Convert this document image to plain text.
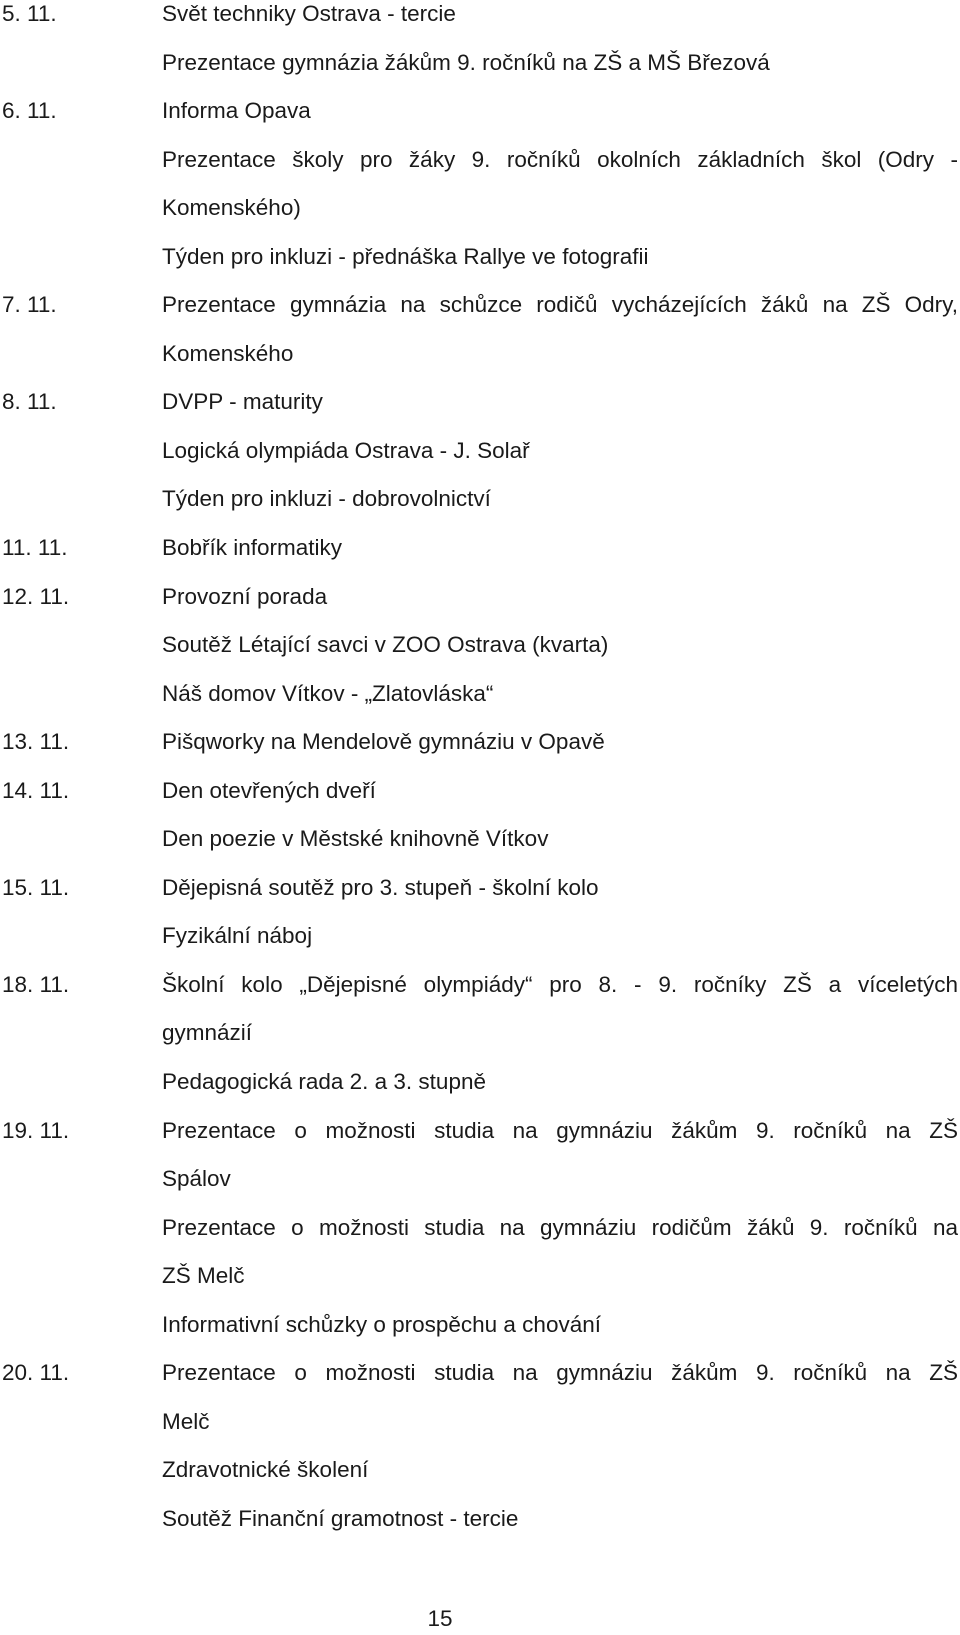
5. 11.	Svět techniky Ostrava - tercie
Prezentace gymnázia žákům 9. ročníků na ZŠ a MŠ Březová
6. 11.	Informa Opava
Prezentace školy pro žáky 9. ročníků okolních základních škol (Odry -
Komenského)
Týden pro inkluzi - přednáška Rallye ve fotografii
7. 11.	Prezentace gymnázia na schůzce rodičů vycházejících žáků na ZŠ Odry,
Komenského
8. 11.	DVPP - maturity
Logická olympiáda Ostrava - J. Solař
Týden pro inkluzi - dobrovolnictví
11. 11.	Bobřík informatiky
12. 11.	Provozní porada
Soutěž Létající savci v ZOO Ostrava (kvarta)
Náš domov Vítkov - „Zlatovláska“
13. 11.	Pišqworky na Mendelově gymnáziu v Opavě
14. 11.	Den otevřených dveří
Den poezie v Městské knihovně Vítkov
15. 11.	Dějepisná soutěž pro 3. stupeň - školní kolo
Fyzikální náboj
18. 11.	Školní kolo „Dějepisné olympiády“ pro 8. - 9. ročníky ZŠ a víceletých
gymnázií
Pedagogická rada 2. a 3. stupně
19. 11.	Prezentace o možnosti studia na gymnáziu žákům 9. ročníků na ZŠ
Spálov
Prezentace o možnosti studia na gymnáziu rodičům žáků 9. ročníků na
ZŠ Melč
Informativní schůzky o prospěchu a chování
20. 11.	Prezentace o možnosti studia na gymnáziu žákům 9. ročníků na ZŠ
Melč
Zdravotnické školení
Soutěž Finanční gramotnost - tercie
15
